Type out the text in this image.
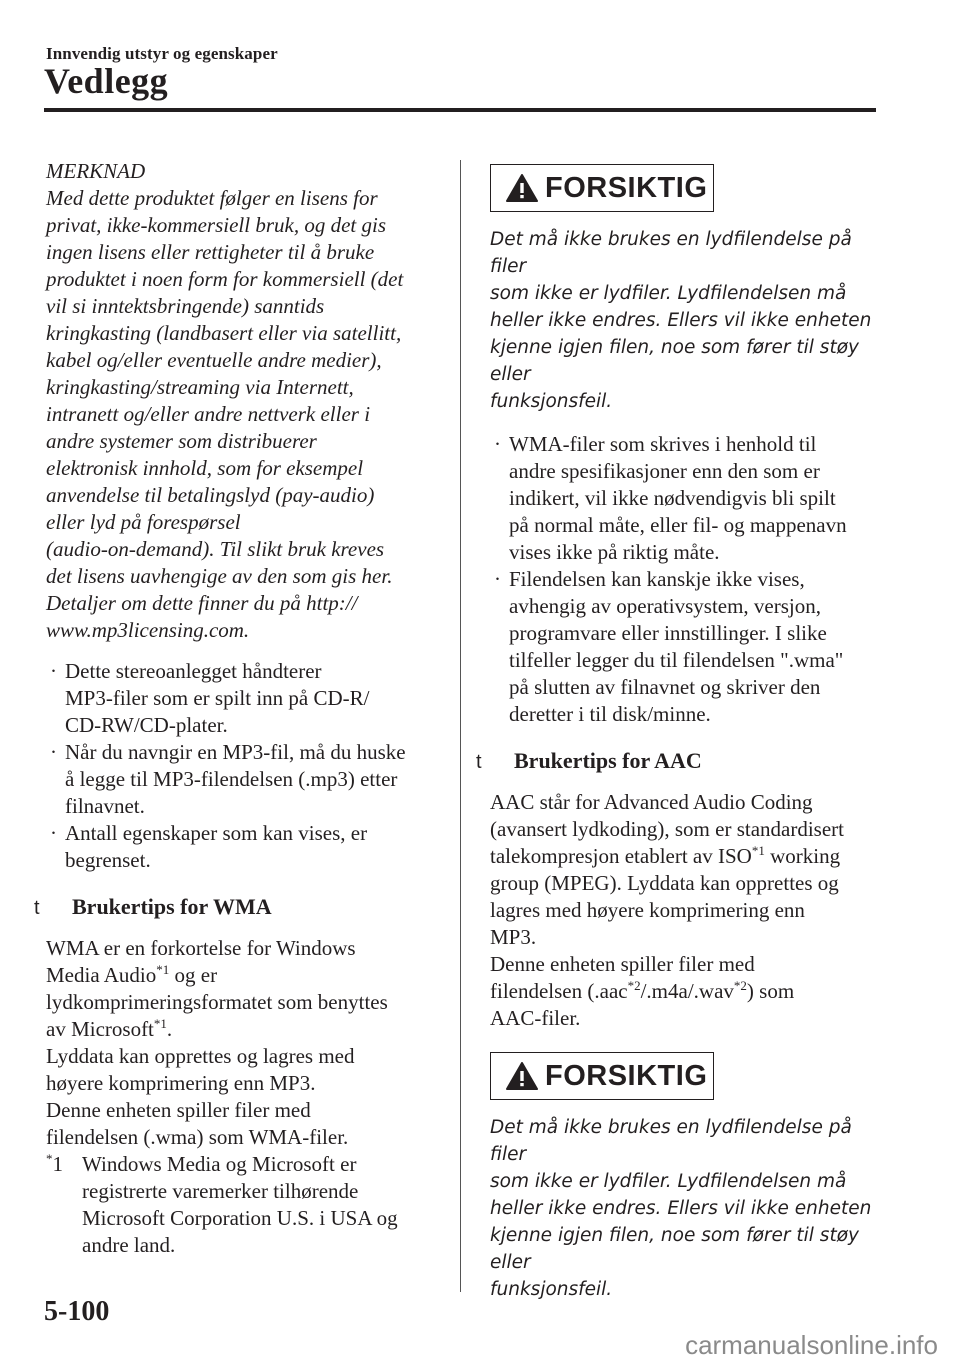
Innvendig utstyr og egenskaper
Vedlegg
MERKNAD
Med dette produktet følger en lisens for
privat, ikke-kommersiell bruk, og det gis
ingen lisens eller rettigheter til å bruke
produktet i noen form for kommersiell (det
vil si inntektsbringende) sanntids
kringkasting (landbasert eller via satellitt,
kabel og/eller eventuelle andre medier),
kringkasting/streaming via Internett,
intranett og/eller andre nettverk eller i
andre systemer som distribuerer
elektronisk innhold, som for eksempel
anvendelse til betalingslyd (pay-audio)
eller lyd på forespørsel
(audio-on-demand). Til slikt bruk kreves
det lisens uavhengige av den som gis her.
Detaljer om dette finner du på http://
www.mp3licensing.com.
· Dette stereoanlegget håndterer
MP3-filer som er spilt inn på CD-R/
CD-RW/CD-plater.
· Når du navngir en MP3-fil, må du huske
å legge til MP3-filendelsen (.mp3) etter
filnavnet.
· Antall egenskaper som kan vises, er
begrenset.
t Brukertips for WMA
WMA er en forkortelse for Windows
Media Audio$^{*1}$ og er
lydkomprimeringsformatet som benyttes
av Microsoft$^{*1}$.
Lyddata kan opprettes og lagres med
høyere komprimering enn MP3.
Denne enheten spiller filer med
filendelsen (.wma) som WMA-filer.
*1 Windows Media og Microsoft er
registrerte varemerker tilhørende
Microsoft Corporation U.S. i USA og
andre land.
FORSIKTIG
Det må ikke brukes en lydfilendelse på filer
som ikke er lydfiler. Lydfilendelsen må
heller ikke endres. Ellers vil ikke enheten
kjenne igjen filen, noe som fører til støy eller
funksjonsfeil.
· WMA-filer som skrives i henhold til
andre spesifikasjoner enn den som er
indikert, vil ikke nødvendigvis bli spilt
på normal måte, eller fil- og mappenavn
vises ikke på riktig måte.
· Filendelsen kan kanskje ikke vises,
avhengig av operativsystem, versjon,
programvare eller innstillinger. I slike
tilfeller legger du til filendelsen ".wma"
på slutten av filnavnet og skriver den
deretter i til disk/minne.
t Brukertips for AAC
AAC står for Advanced Audio Coding
(avansert lydkoding), som er standardisert
talekompresjon etablert av ISO$^{*1}$ working
group (MPEG). Lyddata kan opprettes og
lagres med høyere komprimering enn
MP3.
Denne enheten spiller filer med
filendelsen (.aac$^{*2}$/.m4a/.wav$^{*2}$) som
AAC-filer.
FORSIKTIG
Det må ikke brukes en lydfilendelse på filer
som ikke er lydfiler. Lydfilendelsen må
heller ikke endres. Ellers vil ikke enheten
kjenne igjen filen, noe som fører til støy eller
funksjonsfeil.
5-100
carmanualsonline.info
